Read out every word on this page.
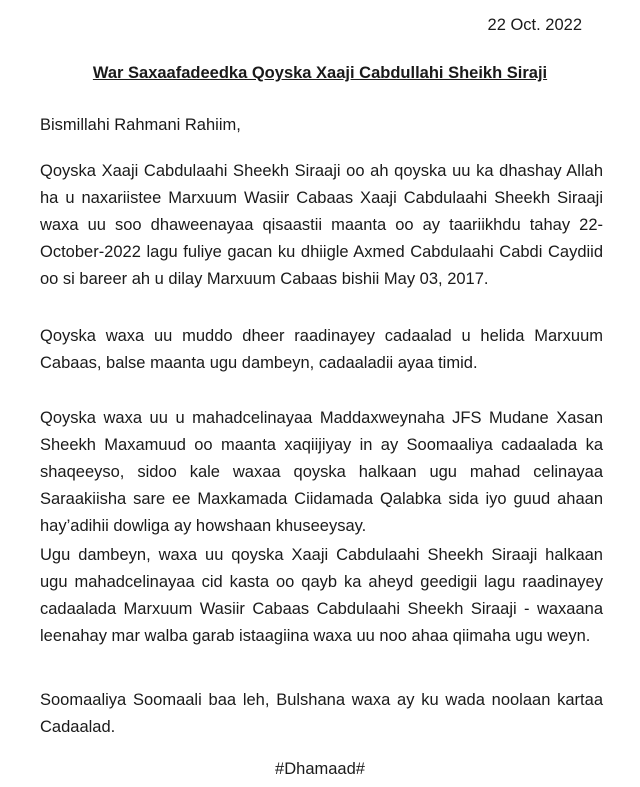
22 Oct. 2022
War Saxaafadeedka Qoyska Xaaji Cabdullahi Sheikh Siraji
Bismillahi Rahmani Rahiim,

Qoyska Xaaji Cabdulaahi Sheekh Siraaji oo ah qoyska uu ka dhashay Allah ha u naxariistee Marxuum Wasiir Cabaas Xaaji Cabdulaahi Sheekh Siraaji waxa uu soo dhaweenayaa qisaastii maanta oo ay taariikhdu tahay 22-October-2022 lagu fuliye gacan ku dhiigle Axmed Cabdulaahi Cabdi Caydiid oo si bareer ah u dilay Marxuum Cabaas bishii May 03, 2017.

Qoyska waxa uu muddo dheer raadinayey cadaalad u helida Marxuum Cabaas, balse maanta ugu dambeyn, cadaaladii ayaa timid.

Qoyska waxa uu u mahadcelinayaa Maddaxweynaha JFS Mudane Xasan Sheekh Maxamuud oo maanta xaqiijiyay in ay Soomaaliya cadaalada ka shaqeeyso, sidoo kale waxaa qoyska halkaan ugu mahad celinayaa Saraakiisha sare ee Maxkamada Ciidamada Qalabka sida iyo guud ahaan hay’adihii dowliga ay howshaan khuseeysay.

Ugu dambeyn, waxa uu qoyska Xaaji Cabdulaahi Sheekh Siraaji halkaan ugu mahadcelinayaa cid kasta oo qayb ka aheyd geedigii lagu raadinayey cadaalada Marxuum Wasiir Cabaas Cabdulaahi Sheekh Siraaji - waxaana leenahay mar walba garab istaagiina waxa uu noo ahaa qiimaha ugu weyn.

Soomaaliya Soomaali baa leh, Bulshana waxa ay ku wada noolaan kartaa Cadaalad.

#Dhamaad#
